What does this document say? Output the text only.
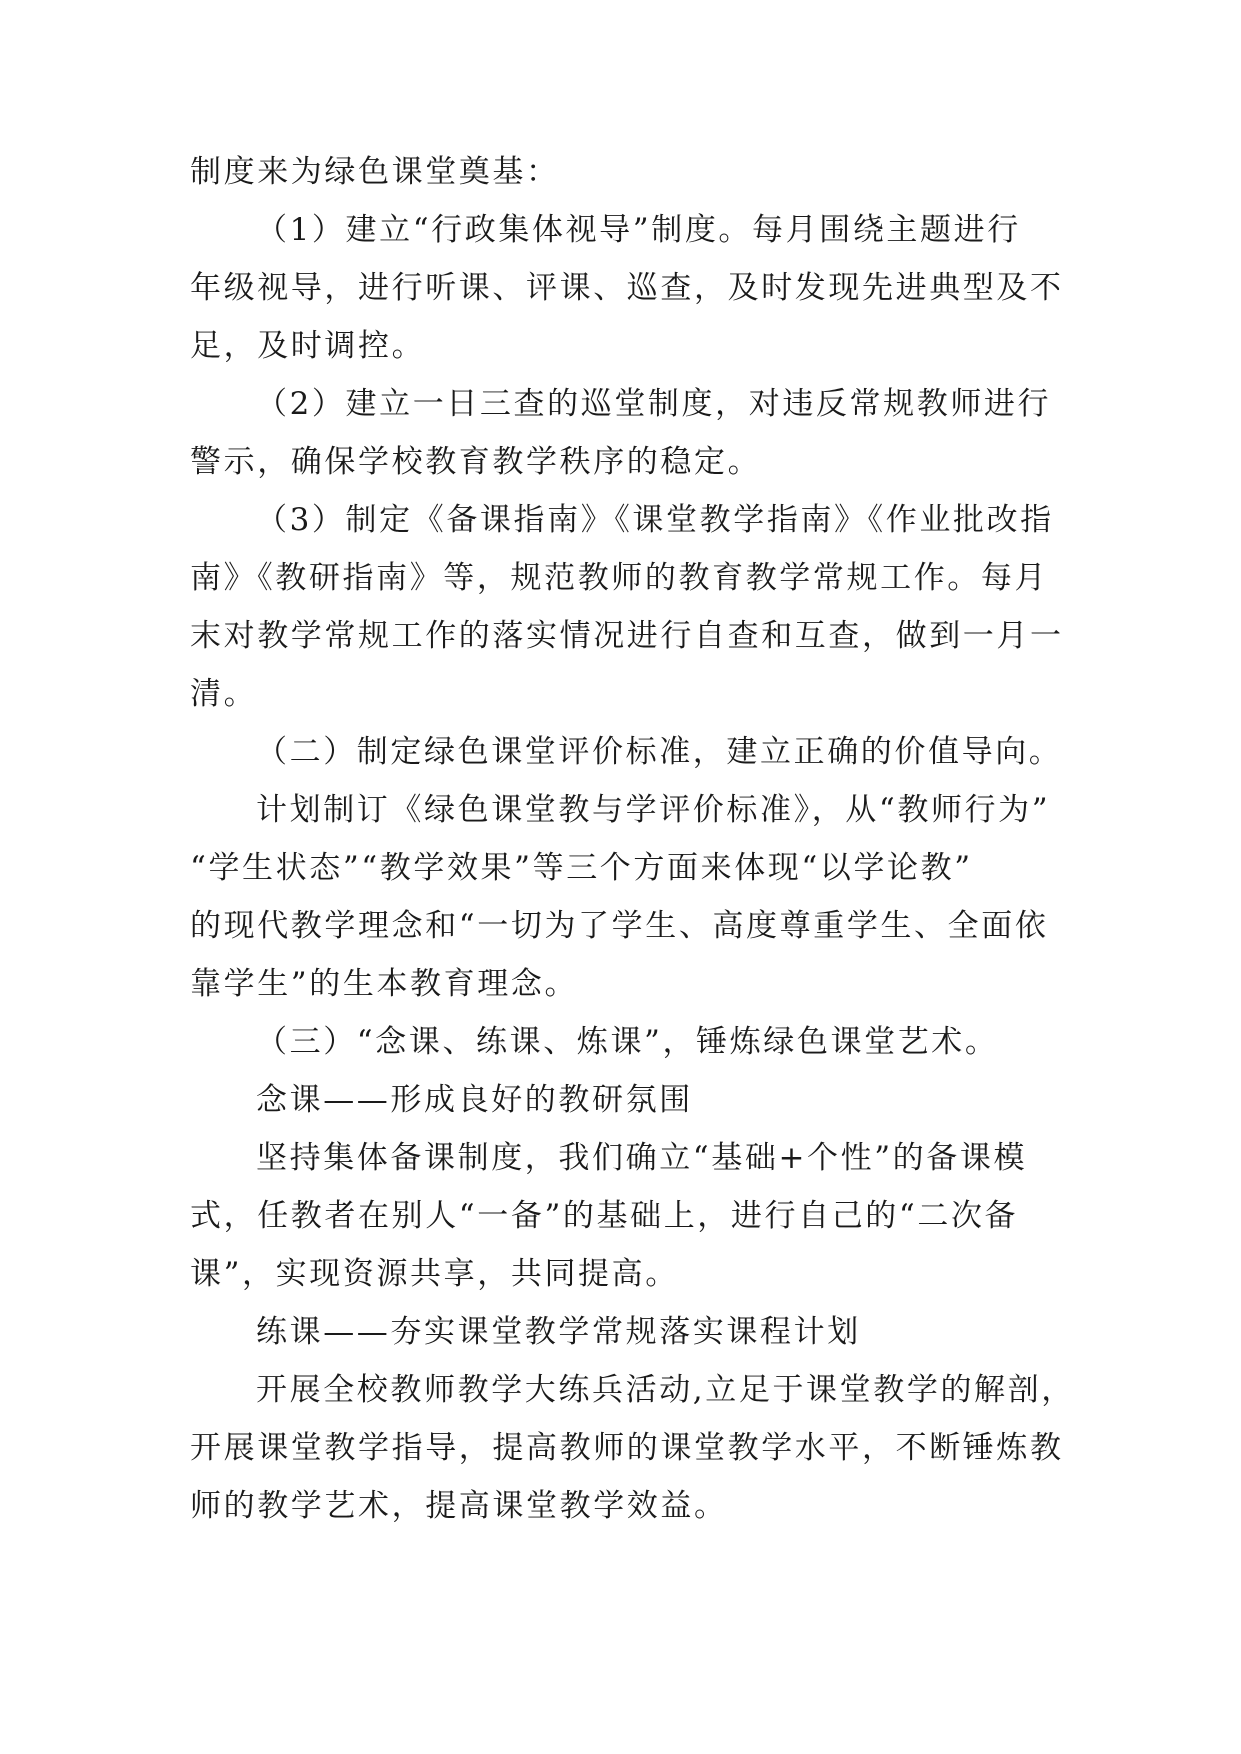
制度来为绿色课堂奠基：
（1）建立“行政集体视导”制度。每月围绕主题进行
年级视导，进行听课、评课、巡查，及时发现先进典型及不
足，及时调控。
（2）建立一日三查的巡堂制度，对违反常规教师进行
警示，确保学校教育教学秩序的稳定。
（3）制定《备课指南》《课堂教学指南》《作业批改指
南》《教研指南》等，规范教师的教育教学常规工作。每月
末对教学常规工作的落实情况进行自查和互查，做到一月一
清。
（二）制定绿色课堂评价标准，建立正确的价值导向。
计划制订《绿色课堂教与学评价标准》，从“教师行为”
“学生状态”“教学效果”等三个方面来体现“以学论教”
的现代教学理念和“一切为了学生、高度尊重学生、全面依
靠学生”的生本教育理念。
（三）“念课、练课、炼课”，锤炼绿色课堂艺术。
念课——形成良好的教研氛围
坚持集体备课制度，我们确立“基础+个性”的备课模
式，任教者在别人“一备”的基础上，进行自己的“二次备
课”，实现资源共享，共同提高。
练课——夯实课堂教学常规落实课程计划
开展全校教师教学大练兵活动,立足于课堂教学的解剖，
开展课堂教学指导，提高教师的课堂教学水平，不断锤炼教
师的教学艺术，提高课堂教学效益。
